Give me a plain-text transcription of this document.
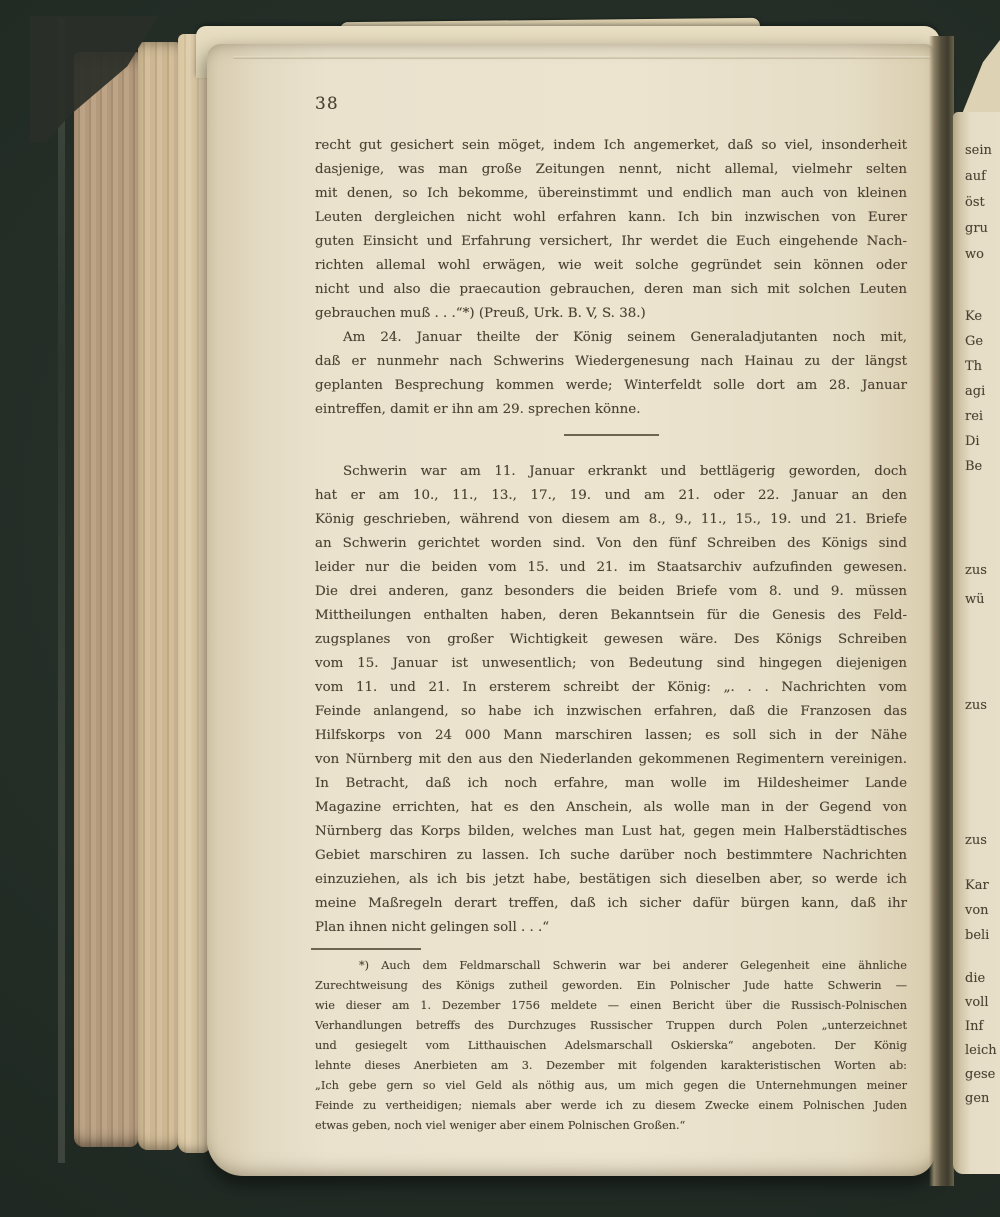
38
recht gut gesichert sein möget, indem Ich angemerket, daß so viel, insonderheit
dasjenige, was man große Zeitungen nennt, nicht allemal, vielmehr selten
mit denen, so Ich bekomme, übereinstimmt und endlich man auch von kleinen
Leuten dergleichen nicht wohl erfahren kann. Ich bin inzwischen von Eurer
guten Einsicht und Erfahrung versichert, Ihr werdet die Euch eingehende Nach-
richten allemal wohl erwägen, wie weit solche gegründet sein können oder
nicht und also die praecaution gebrauchen, deren man sich mit solchen Leuten
gebrauchen muß . . .“*) (Preuß, Urk. B. V, S. 38.)
Am 24. Januar theilte der König seinem Generaladjutanten noch mit,
daß er nunmehr nach Schwerins Wiedergenesung nach Hainau zu der längst
geplanten Besprechung kommen werde; Winterfeldt solle dort am 28. Januar
eintreffen, damit er ihn am 29. sprechen könne.
Schwerin war am 11. Januar erkrankt und bettlägerig geworden, doch
hat er am 10., 11., 13., 17., 19. und am 21. oder 22. Januar an den
König geschrieben, während von diesem am 8., 9., 11., 15., 19. und 21. Briefe
an Schwerin gerichtet worden sind. Von den fünf Schreiben des Königs sind
leider nur die beiden vom 15. und 21. im Staatsarchiv aufzufinden gewesen.
Die drei anderen, ganz besonders die beiden Briefe vom 8. und 9. müssen
Mittheilungen enthalten haben, deren Bekanntsein für die Genesis des Feld-
zugsplanes von großer Wichtigkeit gewesen wäre. Des Königs Schreiben
vom 15. Januar ist unwesentlich; von Bedeutung sind hingegen diejenigen
vom 11. und 21. In ersterem schreibt der König: „. . . Nachrichten vom
Feinde anlangend, so habe ich inzwischen erfahren, daß die Franzosen das
Hilfskorps von 24 000 Mann marschiren lassen; es soll sich in der Nähe
von Nürnberg mit den aus den Niederlanden gekommenen Regimentern vereinigen.
In Betracht, daß ich noch erfahre, man wolle im Hildesheimer Lande
Magazine errichten, hat es den Anschein, als wolle man in der Gegend von
Nürnberg das Korps bilden, welches man Lust hat, gegen mein Halberstädtisches
Gebiet marschiren zu lassen. Ich suche darüber noch bestimmtere Nachrichten
einzuziehen, als ich bis jetzt habe, bestätigen sich dieselben aber, so werde ich
meine Maßregeln derart treffen, daß ich sicher dafür bürgen kann, daß ihr
Plan ihnen nicht gelingen soll . . .“
*) Auch dem Feldmarschall Schwerin war bei anderer Gelegenheit eine ähnliche
Zurechtweisung des Königs zutheil geworden. Ein Polnischer Jude hatte Schwerin —
wie dieser am 1. Dezember 1756 meldete — einen Bericht über die Russisch-Polnischen
Verhandlungen betreffs des Durchzuges Russischer Truppen durch Polen „unterzeichnet
und gesiegelt vom Litthauischen Adelsmarschall Oskierska“ angeboten. Der König
lehnte dieses Anerbieten am 3. Dezember mit folgenden karakteristischen Worten ab:
„Ich gebe gern so viel Geld als nöthig aus, um mich gegen die Unternehmungen meiner
Feinde zu vertheidigen; niemals aber werde ich zu diesem Zwecke einem Polnischen Juden
etwas geben, noch viel weniger aber einem Polnischen Großen.“
sein
auf
öst
gru
wo
Ke
Ge
Th
agi
rei
Di
Be
zus
wü
zus
zus
Kar
von
beli
die
voll
Inf
leich
gese
gen
